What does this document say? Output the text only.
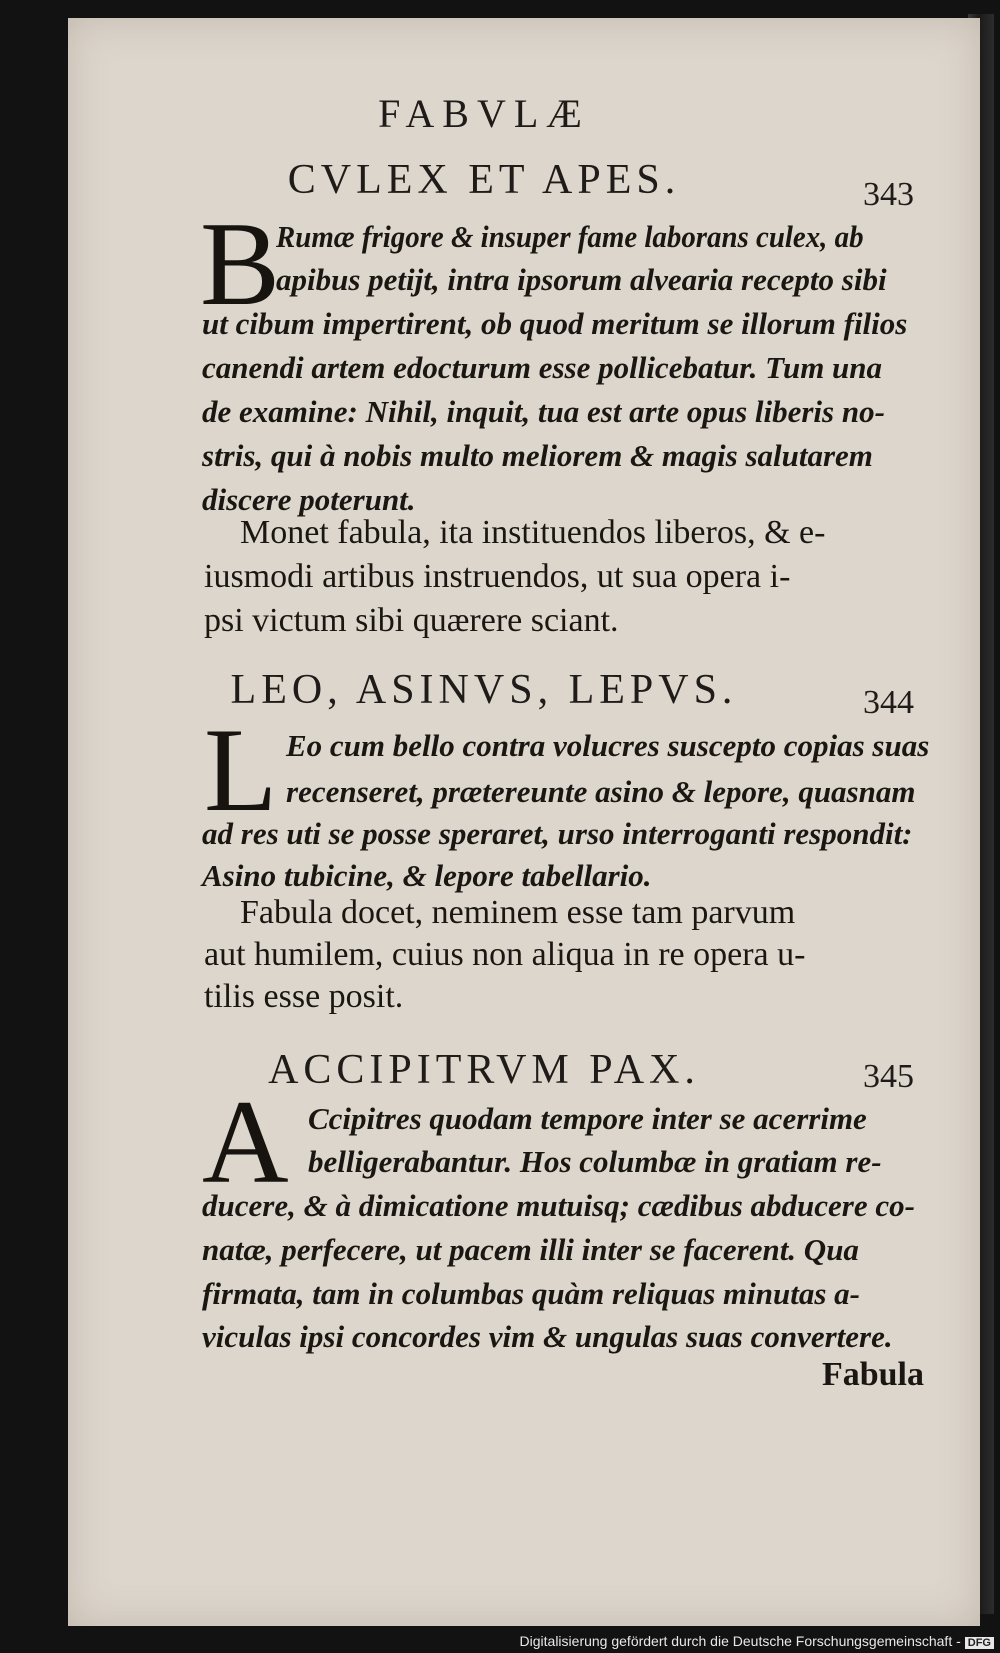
FABVLÆ
CVLEX ET APES.	343
B
Rumæ frigore & insuper fame laborans culex, ab
apibus petijt, intra ipsorum alvearia recepto sibi
ut cibum impertirent, ob quod meritum se illorum filios
canendi artem edocturum esse pollicebatur. Tum una
de examine: Nihil, inquit, tua est arte opus liberis no-
stris, qui à nobis multo meliorem & magis salutarem
discere poterunt.
Monet fabula, ita instituendos liberos, & e-
iusmodi artibus instruendos, ut sua opera i-
psi victum sibi quærere sciant.
LEO, ASINVS, LEPVS.	344
L Eo cum bello contra volucres suscepto copias suas
recenseret, prætereunte asino & lepore, quasnam
ad res uti se posse speraret, urso interroganti respondit:
Asino tubicine, & lepore tabellario.
Fabula docet, neminem esse tam parvum
aut humilem, cuius non aliqua in re opera u-
tilis esse posit.
ACCIPITRVM PAX.	345
A Ccipitres quodam tempore inter se acerrime
belligerabantur. Hos columbæ in gratiam re-
ducere, & à dimicatione mutuisq; cædibus abducere co-
natæ, perfecere, ut pacem illi inter se facerent. Qua
firmata, tam in columbas quàm reliquas minutas a-
viculas ipsi concordes vim & ungulas suas convertere.
Fabula
Digitalisierung gefördert durch die Deutsche Forschungsgemeinschaft - DFG
